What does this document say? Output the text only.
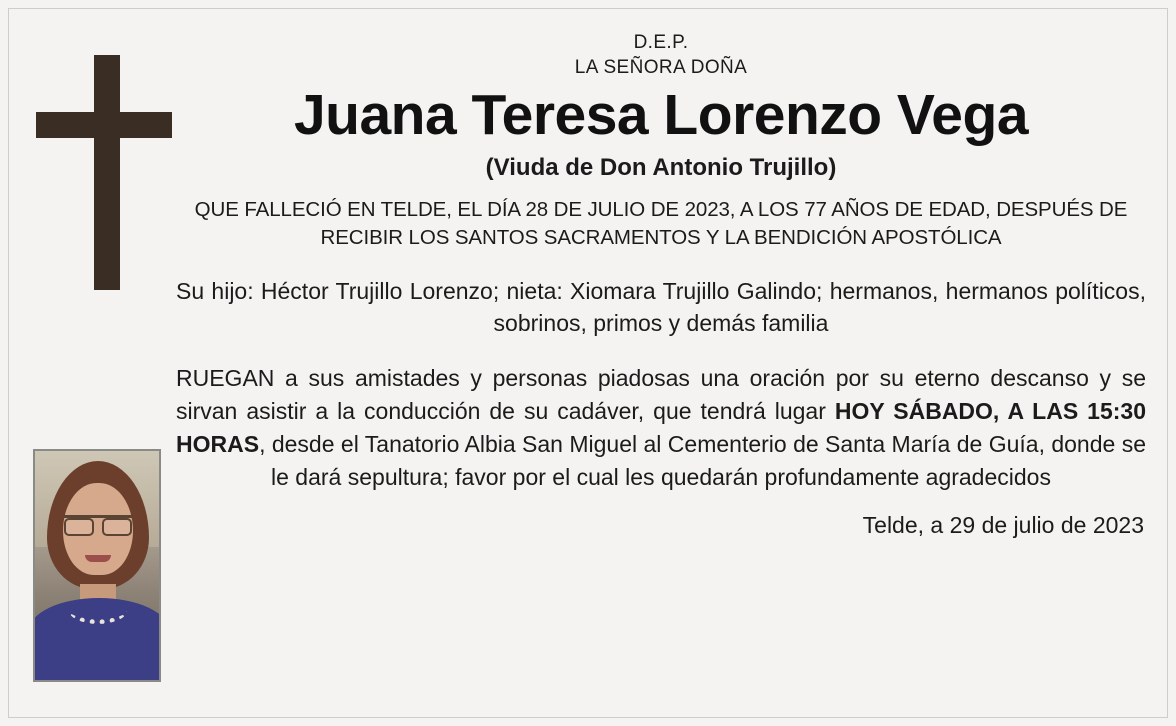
D.E.P.

LA SEÑORA DOÑA

Juana Teresa Lorenzo Vega

(Viuda de Don Antonio Trujillo)

QUE FALLECIÓ EN TELDE, EL DÍA 28 DE JULIO DE 2023, A LOS 77 AÑOS DE EDAD, DESPUÉS DE RECIBIR LOS SANTOS SACRAMENTOS Y LA BENDICIÓN APOSTÓLICA

Su hijo: Héctor Trujillo Lorenzo; nieta: Xiomara Trujillo Galindo; hermanos, hermanos políticos, sobrinos, primos y demás familia

RUEGAN a sus amistades y personas piadosas una oración por su eterno descanso y se sirvan asistir a la conducción de su cadáver, que tendrá lugar HOY SÁBADO, A LAS 15:30 HORAS, desde el Tanatorio Albia San Miguel al Cementerio de Santa María de Guía, donde se le dará sepultura; favor por el cual les quedarán profundamente agradecidos

Telde, a 29 de julio de 2023
